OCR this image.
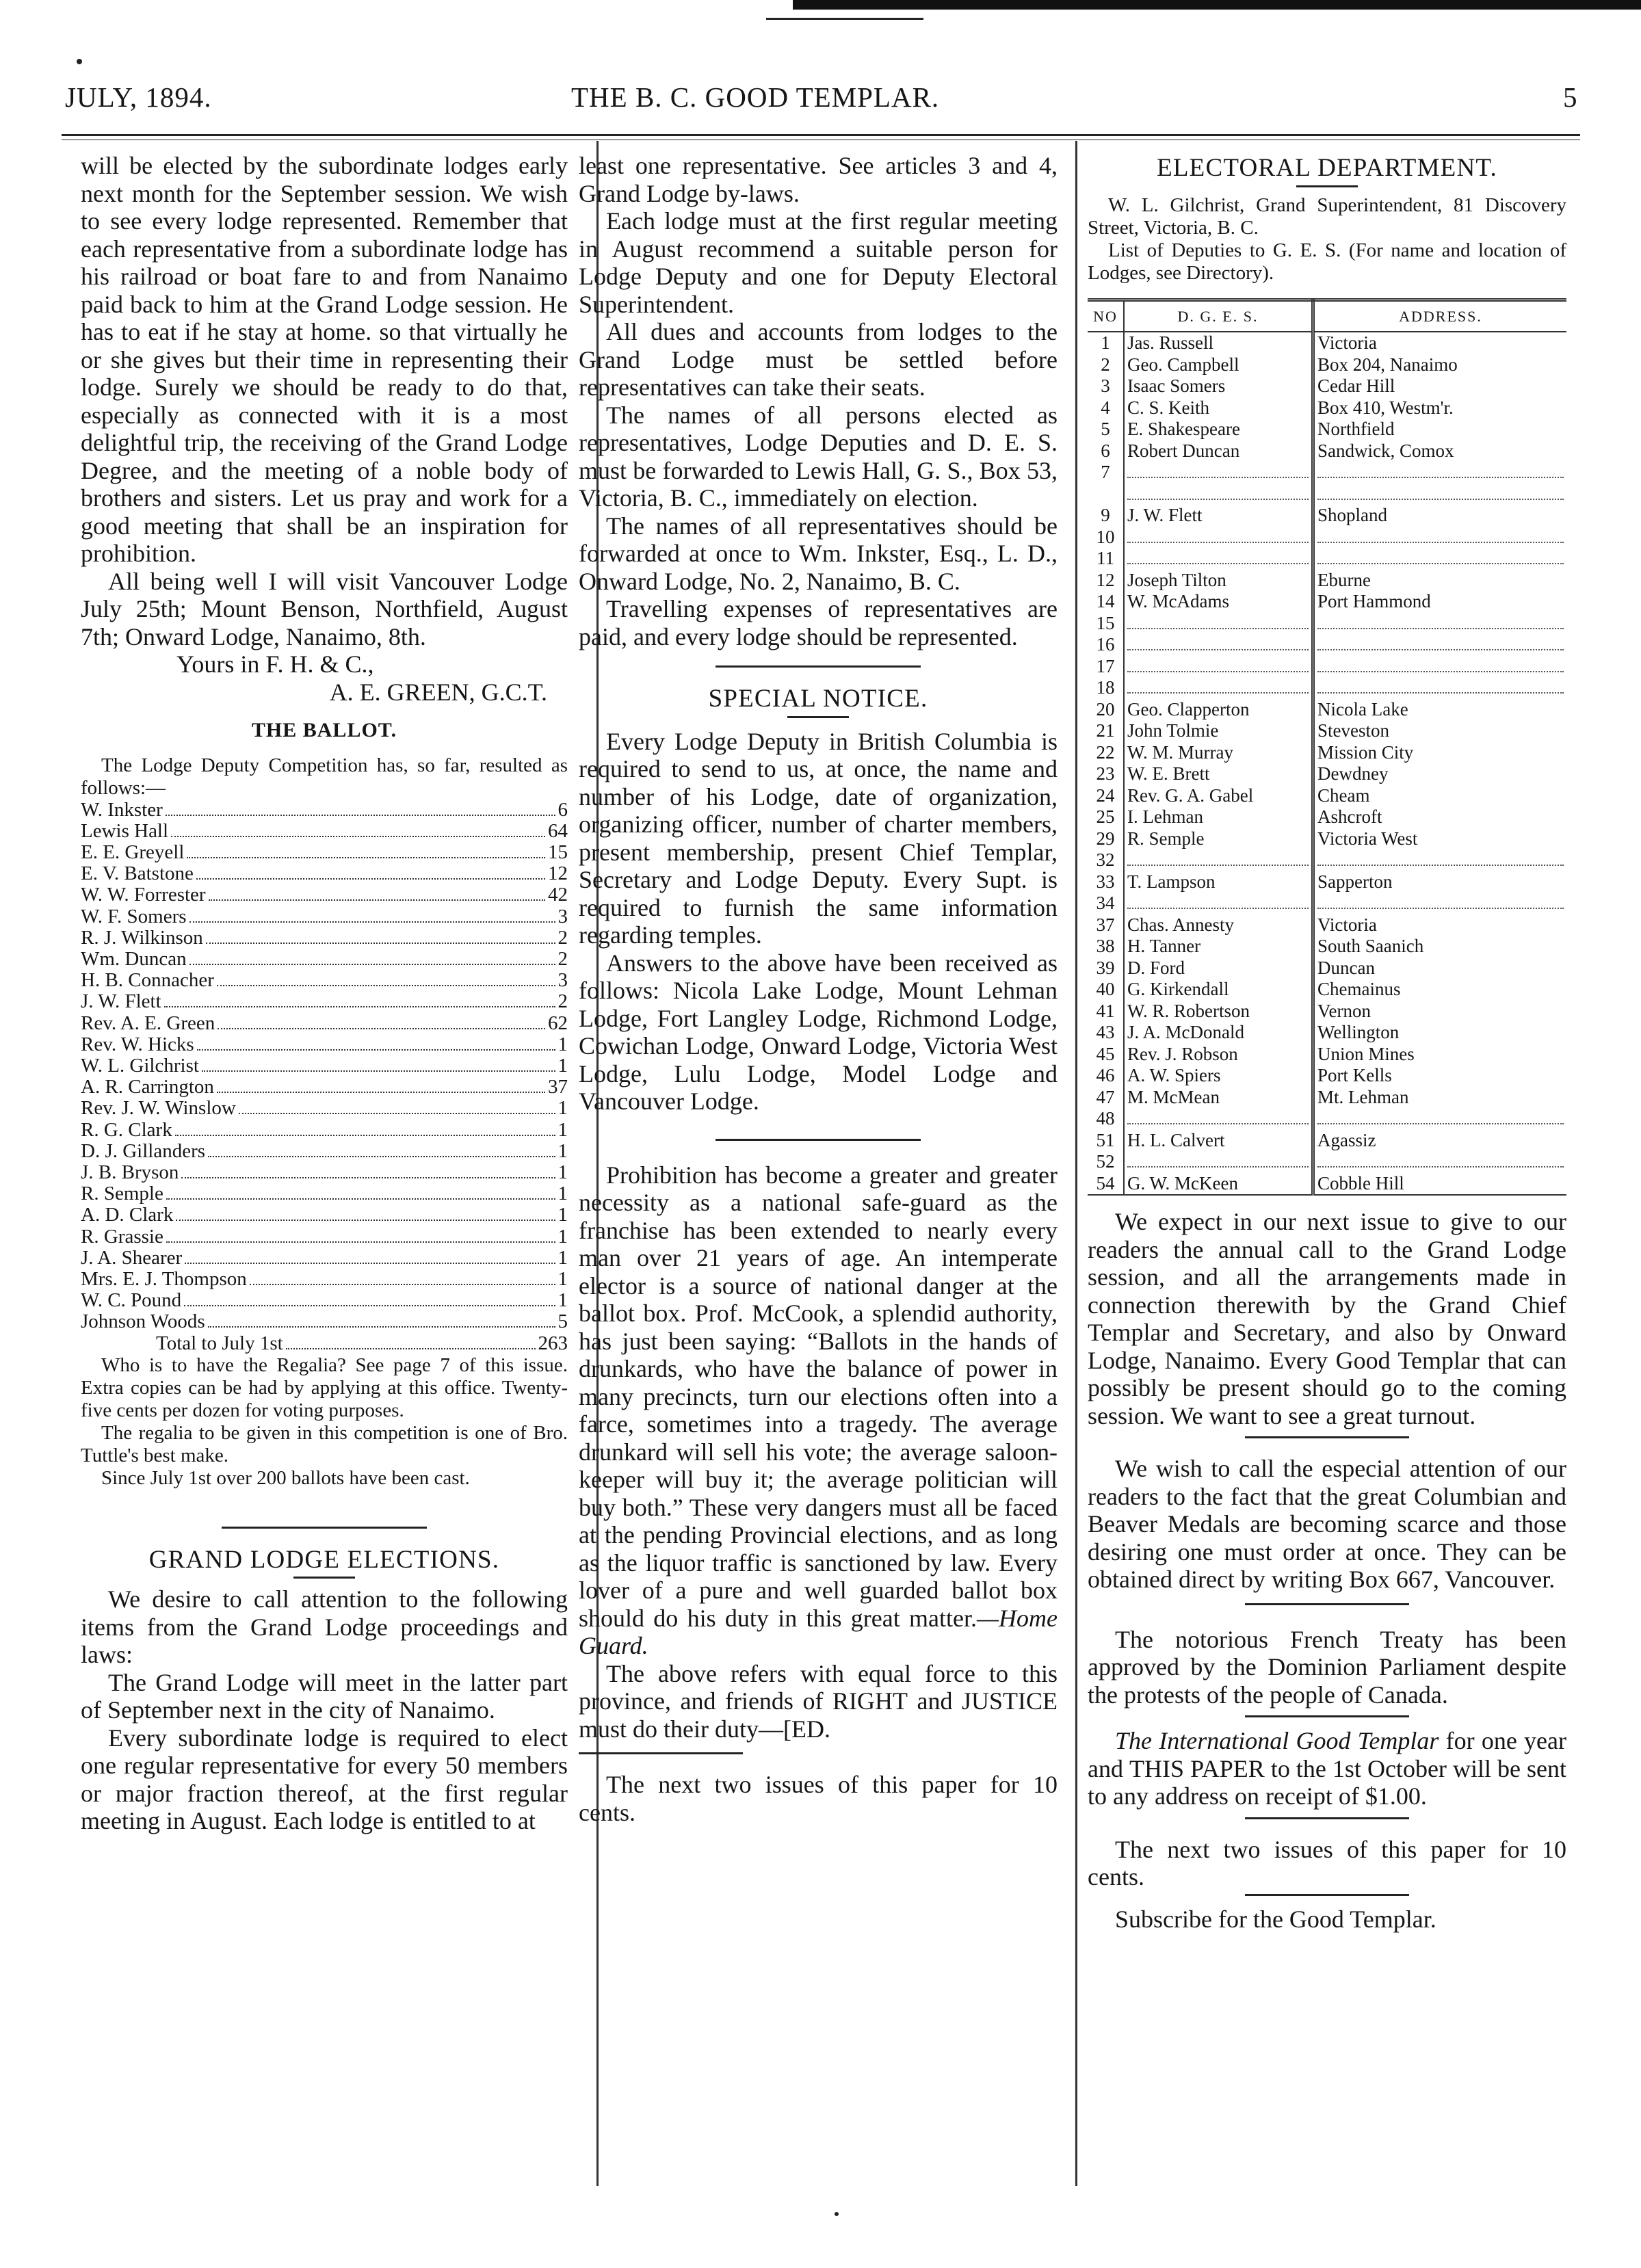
JULY, 1894.	THE B. C. GOOD TEMPLAR.	5

will be elected by the subordinate lodges early next month for the September session. We wish to see every lodge represented. Remember that each representative from a subordinate lodge has his railroad or boat fare to and from Nanaimo paid back to him at the Grand Lodge session. He has to eat if he stay at home. so that virtually he or she gives but their time in representing their lodge. Surely we should be ready to do that, especially as connected with it is a most delightful trip, the receiving of the Grand Lodge Degree, and the meeting of a noble body of brothers and sisters. Let us pray and work for a good meeting that shall be an inspiration for prohibition.

All being well I will visit Vancouver Lodge July 25th; Mount Benson, Northfield, August 7th; Onward Lodge, Nanaimo, 8th.

Yours in F. H. & C.,
A. E. GREEN, G.C.T.
THE BALLOT.

The Lodge Deputy Competition has, so far, resulted as follows:—

W. Inkster	6
Lewis Hall	64
E. E. Greyell	15
E. V. Batstone	12
W. W. Forrester	42
W. F. Somers	3
R. J. Wilkinson	2
Wm. Duncan	2
H. B. Connacher	3
J. W. Flett	2
Rev. A. E. Green	62
Rev. W. Hicks	1
W. L. Gilchrist	1
A. R. Carrington	37
Rev. J. W. Winslow	1
R. G. Clark	1
D. J. Gillanders	1
J. B. Bryson	1
R. Semple	1
A. D. Clark	1
R. Grassie	1
J. A. Shearer	1
Mrs. E. J. Thompson	1
W. C. Pound	1
Johnson Woods	5
Total to July 1st	263

Who is to have the Regalia? See page 7 of this issue. Extra copies can be had by applying at this office. Twenty-five cents per dozen for voting purposes.

The regalia to be given in this competition is one of Bro. Tuttle's best make.

Since July 1st over 200 ballots have been cast.

GRAND LODGE ELECTIONS.

We desire to call attention to the following items from the Grand Lodge proceedings and laws:

The Grand Lodge will meet in the latter part of September next in the city of Nanaimo.

Every subordinate lodge is required to elect one regular representative for every 50 members or major fraction thereof, at the first regular meeting in August. Each lodge is entitled to at

least one representative. See articles 3 and 4, Grand Lodge by-laws.

Each lodge must at the first regular meeting in August recommend a suitable person for Lodge Deputy and one for Deputy Electoral Superintendent.

All dues and accounts from lodges to the Grand Lodge must be settled before representatives can take their seats.

The names of all persons elected as representatives, Lodge Deputies and D. E. S. must be forwarded to Lewis Hall, G. S., Box 53, Victoria, B. C., immediately on election.

The names of all representatives should be forwarded at once to Wm. Inkster, Esq., L. D., Onward Lodge, No. 2, Nanaimo, B. C.

Travelling expenses of representatives are paid, and every lodge should be represented.

SPECIAL NOTICE.

Every Lodge Deputy in British Columbia is required to send to us, at once, the name and number of his Lodge, date of organization, organizing officer, number of charter members, present membership, present Chief Templar, Secretary and Lodge Deputy. Every Supt. is required to furnish the same information regarding temples.

Answers to the above have been received as follows: Nicola Lake Lodge, Mount Lehman Lodge, Fort Langley Lodge, Richmond Lodge, Cowichan Lodge, Onward Lodge, Victoria West Lodge, Lulu Lodge, Model Lodge and Vancouver Lodge.

Prohibition has become a greater and greater necessity as a national safe-guard as the franchise has been extended to nearly every man over 21 years of age. An intemperate elector is a source of national danger at the ballot box. Prof. McCook, a splendid authority, has just been saying: “Ballots in the hands of drunkards, who have the balance of power in many precincts, turn our elections often into a farce, sometimes into a tragedy. The average drunkard will sell his vote; the average saloon-keeper will buy it; the average politician will buy both.” These very dangers must all be faced at the pending Provincial elections, and as long as the liquor traffic is sanctioned by law. Every lover of a pure and well guarded ballot box should do his duty in this great matter.—Home Guard.

The above refers with equal force to this province, and friends of RIGHT and JUSTICE must do their duty—[ED.

The next two issues of this paper for 10 cents.

ELECTORAL DEPARTMENT.

W. L. Gilchrist, Grand Superintendent, 81 Discovery Street, Victoria, B. C.

List of Deputies to G. E. S. (For name and location of Lodges, see Directory).

NO	D. G. E. S.	ADDRESS.
1	Jas. Russell	Victoria
2	Geo. Campbell	Box 204, Nanaimo
3	Isaac Somers	Cedar Hill
4	C. S. Keith	Box 410, Westm'r.
5	E. Shakespeare	Northfield
6	Robert Duncan	Sandwick, Comox
7		

9	J. W. Flett	Shopland
10		
11		
12	Joseph Tilton	Eburne
14	W. McAdams	Port Hammond
15		
16		
17		
18		
20	Geo. Clapperton	Nicola Lake
21	John Tolmie	Steveston
22	W. M. Murray	Mission City
23	W. E. Brett	Dewdney
24	Rev. G. A. Gabel	Cheam
25	I. Lehman	Ashcroft
29	R. Semple	Victoria West
32		
33	T. Lampson	Sapperton
34		
37	Chas. Annesty	Victoria
38	H. Tanner	South Saanich
39	D. Ford	Duncan
40	G. Kirkendall	Chemainus
41	W. R. Robertson	Vernon
43	J. A. McDonald	Wellington
45	Rev. J. Robson	Union Mines
46	A. W. Spiers	Port Kells
47	M. McMean	Mt. Lehman
48		
51	H. L. Calvert	Agassiz
52		
54	G. W. McKeen	Cobble Hill

We expect in our next issue to give to our readers the annual call to the Grand Lodge session, and all the arrangements made in connection therewith by the Grand Chief Templar and Secretary, and also by Onward Lodge, Nanaimo. Every Good Templar that can possibly be present should go to the coming session. We want to see a great turnout.

We wish to call the especial attention of our readers to the fact that the great Columbian and Beaver Medals are becoming scarce and those desiring one must order at once. They can be obtained direct by writing Box 667, Vancouver.

The notorious French Treaty has been approved by the Dominion Parliament despite the protests of the people of Canada.

The International Good Templar for one year and THIS PAPER to the 1st October will be sent to any address on receipt of $1.00.

The next two issues of this paper for 10 cents.

Subscribe for the Good Templar.
